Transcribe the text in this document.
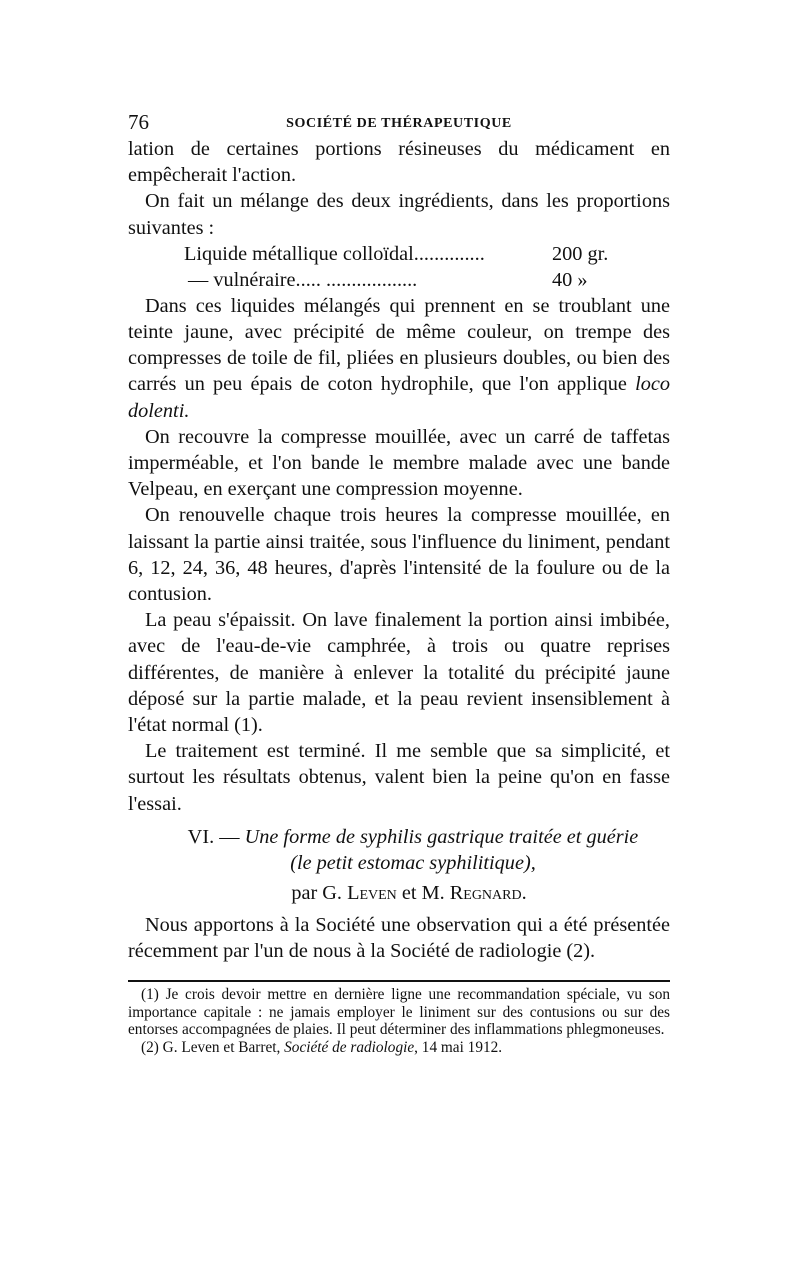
76	SOCIÉTÉ DE THÉRAPEUTIQUE

lation de certaines portions résineuses du médicament en empêcherait l'action.

On fait un mélange des deux ingrédients, dans les proportions suivantes :

Liquide métallique colloïdal..............	200 gr.
— vulnéraire..... ..................	40 »

Dans ces liquides mélangés qui prennent en se troublant une teinte jaune, avec précipité de même couleur, on trempe des compresses de toile de fil, pliées en plusieurs doubles, ou bien des carrés un peu épais de coton hydrophile, que l'on applique loco dolenti.

On recouvre la compresse mouillée, avec un carré de taffetas imperméable, et l'on bande le membre malade avec une bande Velpeau, en exerçant une compression moyenne.

On renouvelle chaque trois heures la compresse mouillée, en laissant la partie ainsi traitée, sous l'influence du liniment, pendant 6, 12, 24, 36, 48 heures, d'après l'intensité de la foulure ou de la contusion.

La peau s'épaissit. On lave finalement la portion ainsi imbibée, avec de l'eau-de-vie camphrée, à trois ou quatre reprises différentes, de manière à enlever la totalité du précipité jaune déposé sur la partie malade, et la peau revient insensiblement à l'état normal (1).

Le traitement est terminé. Il me semble que sa simplicité, et surtout les résultats obtenus, valent bien la peine qu'on en fasse l'essai.

VI. — Une forme de syphilis gastrique traitée et guérie
(le petit estomac syphilitique),
par G. Leven et M. Regnard.

Nous apportons à la Société une observation qui a été présentée récemment par l'un de nous à la Société de radiologie (2).

(1) Je crois devoir mettre en dernière ligne une recommandation spéciale, vu son importance capitale : ne jamais employer le liniment sur des contusions ou sur des entorses accompagnées de plaies. Il peut déterminer des inflammations phlegmoneuses.

(2) G. Leven et Barret, Société de radiologie, 14 mai 1912.
